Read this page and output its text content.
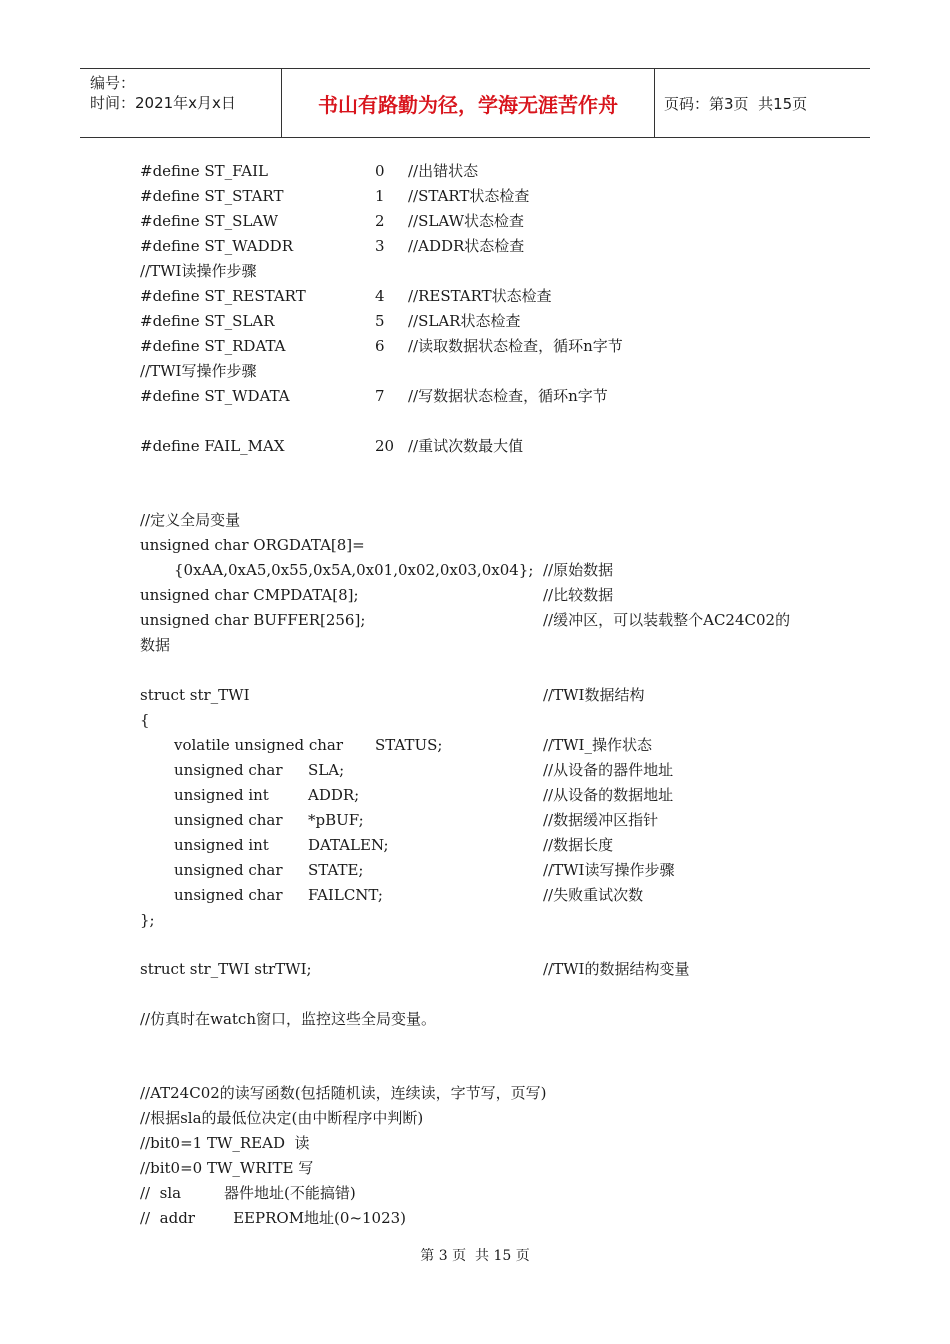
编号：
时间：2021年x月x日	书山有路勤为径，学海无涯苦作舟	页码：第3页  共15页
#define ST_FAIL	0 //出错状态
#define ST_START	1 //START状态检查
#define ST_SLAW	2 //SLAW状态检查
#define ST_WADDR	3 //ADDR状态检查
//TWI读操作步骤
#define ST_RESTART	4 //RESTART状态检查
#define ST_SLAR	5 //SLAR状态检查
#define ST_RDATA	6 //读取数据状态检查，循环n字节
//TWI写操作步骤
#define ST_WDATA	7 //写数据状态检查，循环n字节
#define FAIL_MAX	20 //重试次数最大值
//定义全局变量
unsigned char ORGDATA[8]=
{0xAA,0xA5,0x55,0x5A,0x01,0x02,0x03,0x04}; //原始数据
unsigned char CMPDATA[8];	//比较数据
unsigned char BUFFER[256];	//缓冲区，可以装载整个AC24C02的
数据
struct str_TWI	//TWI数据结构
{
volatile unsigned char STATUS;	//TWI_操作状态
unsigned char SLA;	//从设备的器件地址
unsigned int	ADDR;	//从设备的数据地址
unsigned char *pBUF;	//数据缓冲区指针
unsigned int	DATALEN;	//数据长度
unsigned char STATE;	//TWI读写操作步骤
unsigned char FAILCNT;	//失败重试次数
};
struct str_TWI strTWI;	//TWI的数据结构变量
//仿真时在watch窗口，监控这些全局变量。
//AT24C02的读写函数(包括随机读，连续读，字节写，页写)
//根据sla的最低位决定(由中断程序中判断)
//bit0=1 TW_READ  读
//bit0=0 TW_WRITE 写
//  sla         器件地址(不能搞错)
//  addr        EEPROM地址(0~1023)
第 3 页  共 15 页
